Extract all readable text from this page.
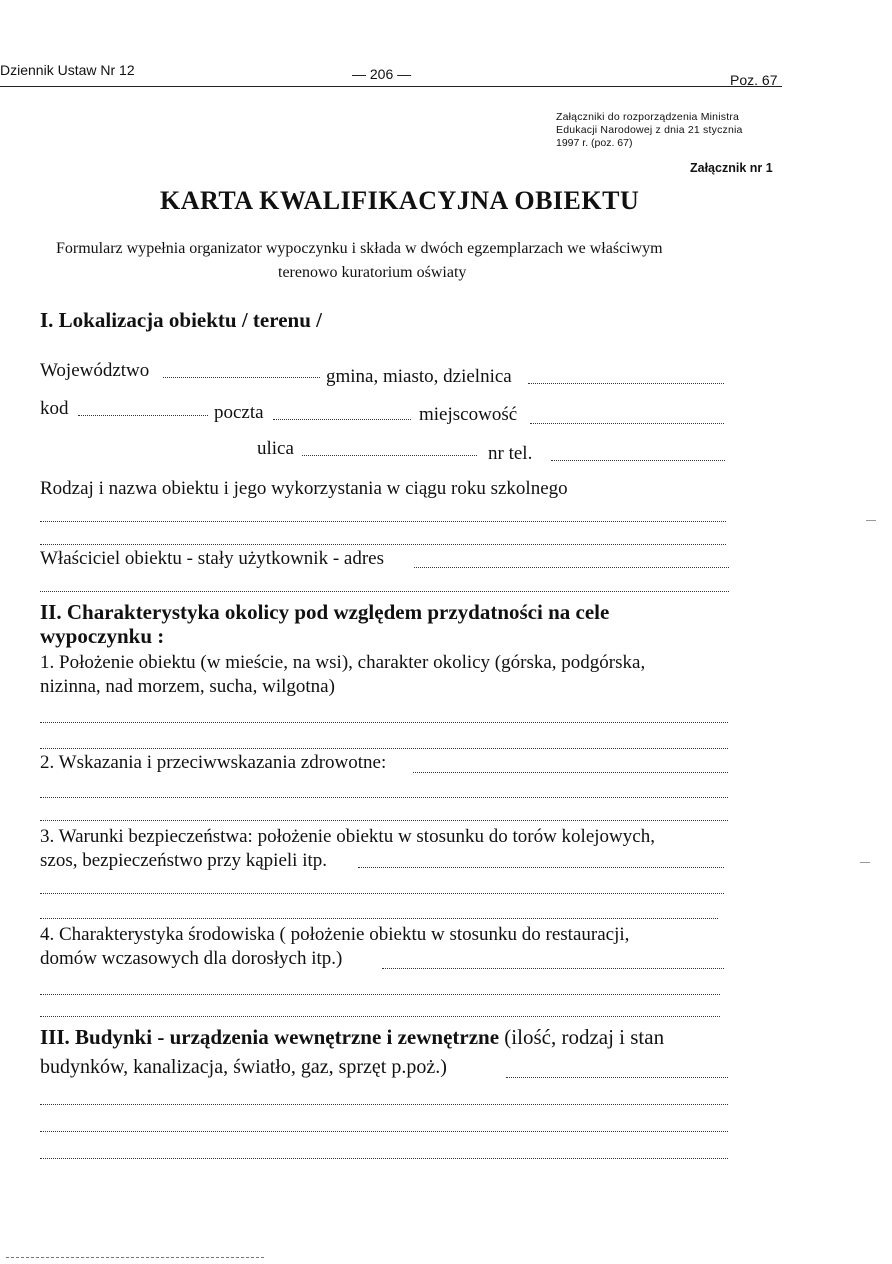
Dziennik Ustaw Nr 12	— 206 —	Poz. 67
Załączniki do rozporządzenia Ministra
Edukacji Narodowej z dnia 21 stycznia
1997 r. (poz. 67)
Załącznik nr 1
KARTA KWALIFIKACYJNA OBIEKTU
Formularz wypełnia organizator wypoczynku i składa w dwóch egzemplarzach we właściwym
terenowo kuratorium oświaty
I. Lokalizacja obiektu / terenu /
Województwo	gmina, miasto, dzielnica
kod	poczta	miejscowość
ulica	nr tel.
Rodzaj i nazwa obiektu i jego wykorzystania w ciągu roku szkolnego
Właściciel obiektu - stały użytkownik - adres
II. Charakterystyka okolicy pod względem przydatności na cele
wypoczynku :
1. Położenie obiektu (w mieście, na wsi), charakter okolicy (górska, podgórska,
nizinna, nad morzem, sucha, wilgotna)
2. Wskazania i przeciwwskazania zdrowotne:
3. Warunki bezpieczeństwa: położenie obiektu w stosunku do torów kolejowych,
szos, bezpieczeństwo przy kąpieli itp.
4. Charakterystyka środowiska ( położenie obiektu w stosunku do restauracji,
domów wczasowych dla dorosłych itp.)
III. Budynki - urządzenia wewnętrzne i zewnętrzne (ilość, rodzaj i stan
budynków, kanalizacja, światło, gaz, sprzęt p.poż.)
